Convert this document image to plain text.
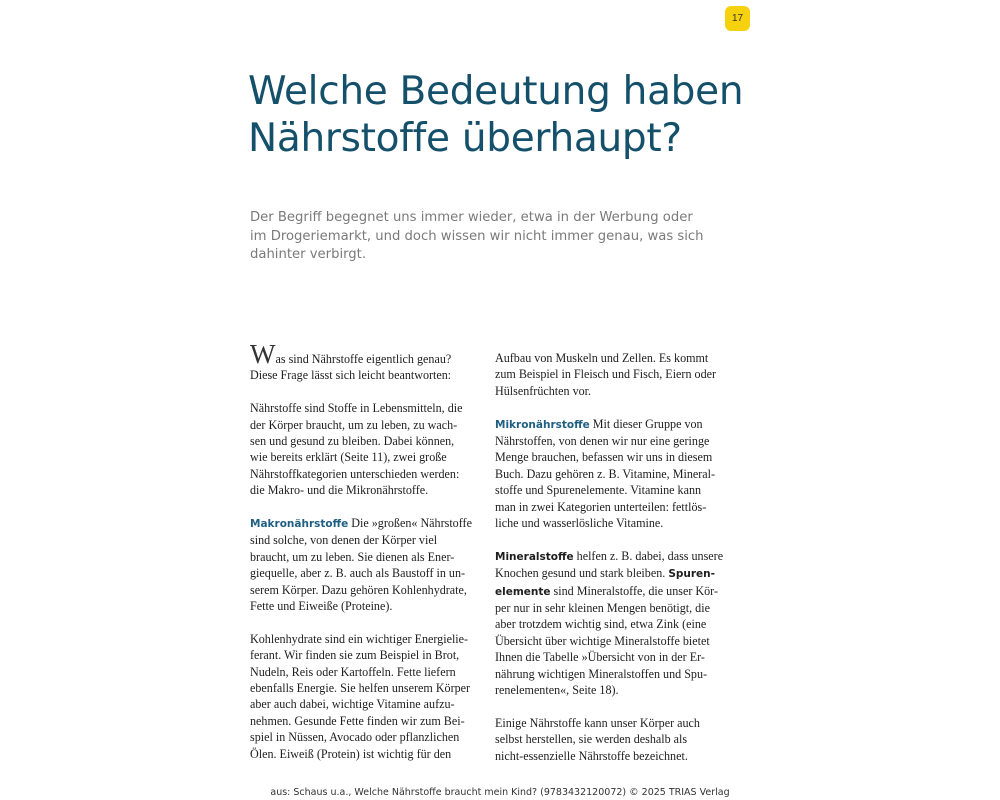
17
Welche Bedeutung haben
Nährstoffe überhaupt?

Der Begriff begegnet uns immer wieder, etwa in der Werbung oder
im Drogeriemarkt, und doch wissen wir nicht immer genau, was sich
dahinter verbirgt.

Was sind Nährstoffe eigentlich genau?
Diese Frage lässt sich leicht beantworten:

Nährstoffe sind Stoffe in Lebensmitteln, die
der Körper braucht, um zu leben, zu wach-
sen und gesund zu bleiben. Dabei können,
wie bereits erklärt (Seite 11), zwei große
Nährstoffkategorien unterschieden werden:
die Makro- und die Mikronährstoffe.

Makronährstoffe Die »großen« Nährstoffe
sind solche, von denen der Körper viel
braucht, um zu leben. Sie dienen als Ener-
giequelle, aber z. B. auch als Baustoff in un-
serem Körper. Dazu gehören Kohlenhydrate,
Fette und Eiweiße (Proteine).

Kohlenhydrate sind ein wichtiger Energielie-
ferant. Wir finden sie zum Beispiel in Brot,
Nudeln, Reis oder Kartoffeln. Fette liefern
ebenfalls Energie. Sie helfen unserem Körper
aber auch dabei, wichtige Vitamine aufzu-
nehmen. Gesunde Fette finden wir zum Bei-
spiel in Nüssen, Avocado oder pflanzlichen
Ölen. Eiweiß (Protein) ist wichtig für den

Aufbau von Muskeln und Zellen. Es kommt
zum Beispiel in Fleisch und Fisch, Eiern oder
Hülsenfrüchten vor.

Mikronährstoffe Mit dieser Gruppe von
Nährstoffen, von denen wir nur eine geringe
Menge brauchen, befassen wir uns in diesem
Buch. Dazu gehören z. B. Vitamine, Mineral-
stoffe und Spurenelemente. Vitamine kann
man in zwei Kategorien unterteilen: fettlös-
liche und wasserlösliche Vitamine.

Mineralstoffe helfen z. B. dabei, dass unsere
Knochen gesund und stark bleiben. Spuren-
elemente sind Mineralstoffe, die unser Kör-
per nur in sehr kleinen Mengen benötigt, die
aber trotzdem wichtig sind, etwa Zink (eine
Übersicht über wichtige Mineralstoffe bietet
Ihnen die Tabelle »Übersicht von in der Er-
nährung wichtigen Mineralstoffen und Spu-
renelementen«, Seite 18).

Einige Nährstoffe kann unser Körper auch
selbst herstellen, sie werden deshalb als
nicht-essenzielle Nährstoffe bezeichnet.

aus: Schaus u.a., Welche Nährstoffe braucht mein Kind? (9783432120072) © 2025 TRIAS Verlag
